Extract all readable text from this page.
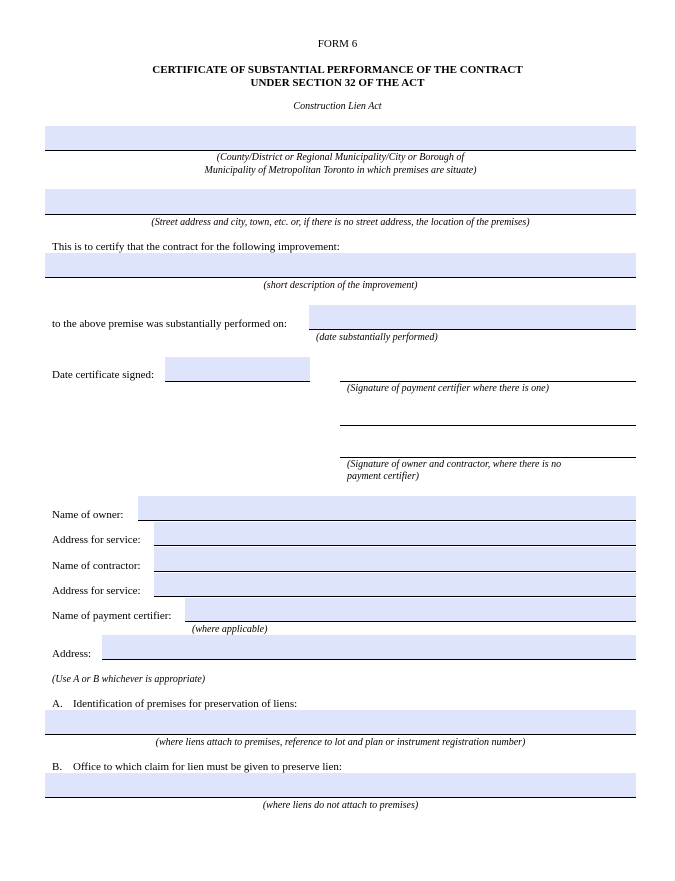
FORM 6
CERTIFICATE OF SUBSTANTIAL PERFORMANCE OF THE CONTRACT
UNDER SECTION 32 OF THE ACT
Construction Lien Act
(County/District or Regional Municipality/City or Borough of
Municipality of Metropolitan Toronto in which premises are situate)
(Street address and city, town, etc. or, if there is no street address, the location of the premises)
This is to certify that the contract for the following improvement:
(short description of the improvement)
to the above premise was substantially performed on:
(date substantially performed)
Date certificate signed:
(Signature of payment certifier where there is one)
(Signature of owner and contractor, where there is no
payment certifier)
Name of owner:
Address for service:
Name of contractor:
Address for service:
Name of payment certifier:
(where applicable)
Address:
(Use A or B whichever is appropriate)
A. Identification of premises for preservation of liens:
(where liens attach to premises, reference to lot and plan or instrument registration number)
B. Office to which claim for lien must be given to preserve lien:
(where liens do not attach to premises)
